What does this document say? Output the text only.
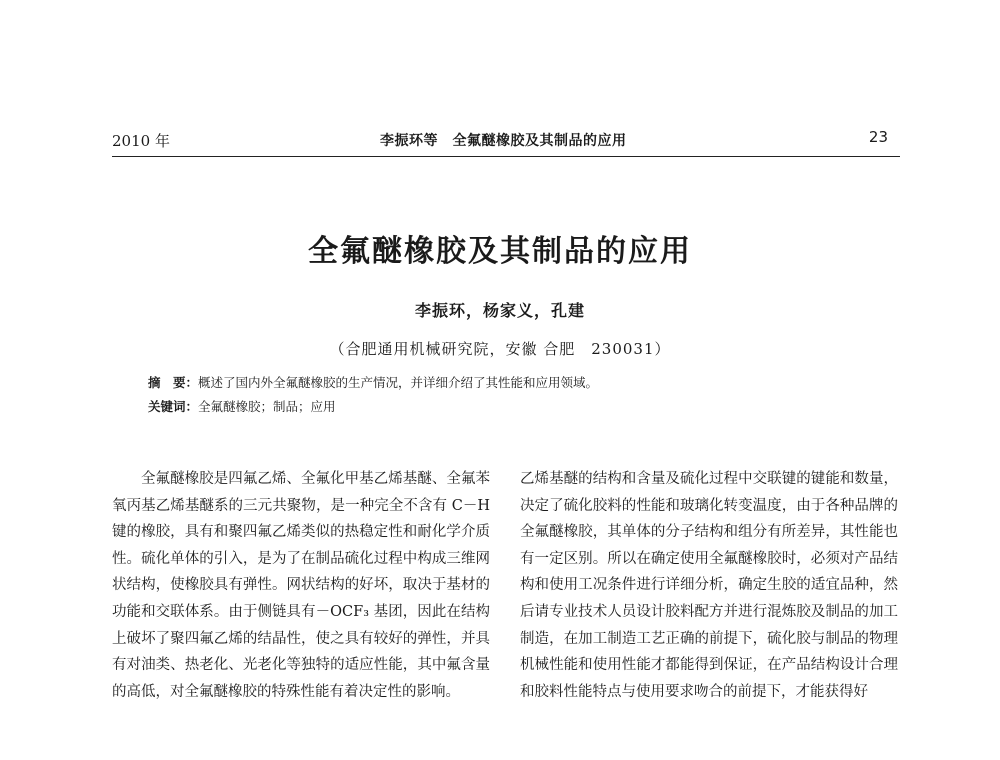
2010 年	李振环等　全氟醚橡胶及其制品的应用	23
全氟醚橡胶及其制品的应用
李振环，杨家义，孔建
（合肥通用机械研究院，安徽 合肥　230031）
摘　要：概述了国内外全氟醚橡胶的生产情况，并详细介绍了其性能和应用领域。
关键词：全氟醚橡胶；制品；应用

全氟醚橡胶是四氟乙烯、全氟化甲基乙烯基醚、全氟苯氧丙基乙烯基醚系的三元共聚物，是一种完全不含有 C－H 键的橡胶，具有和聚四氟乙烯类似的热稳定性和耐化学介质性。硫化单体的引入，是为了在制品硫化过程中构成三维网状结构，使橡胶具有弹性。网状结构的好坏，取决于基材的功能和交联体系。由于侧链具有－OCF₃ 基团，因此在结构上破坏了聚四氟乙烯的结晶性，使之具有较好的弹性，并具有对油类、热老化、光老化等独特的适应性能，其中氟含量的高低，对全氟醚橡胶的特殊性能有着决定性的影响。

乙烯基醚的结构和含量及硫化过程中交联键的键能和数量，决定了硫化胶料的性能和玻璃化转变温度，由于各种品牌的全氟醚橡胶，其单体的分子结构和组分有所差异，其性能也有一定区别。所以在确定使用全氟醚橡胶时，必须对产品结构和使用工况条件进行详细分析，确定生胶的适宜品种，然后请专业技术人员设计胶料配方并进行混炼胶及制品的加工制造，在加工制造工艺正确的前提下，硫化胶与制品的物理机械性能和使用性能才都能得到保证，在产品结构设计合理和胶料性能特点与使用要求吻合的前提下，才能获得好
